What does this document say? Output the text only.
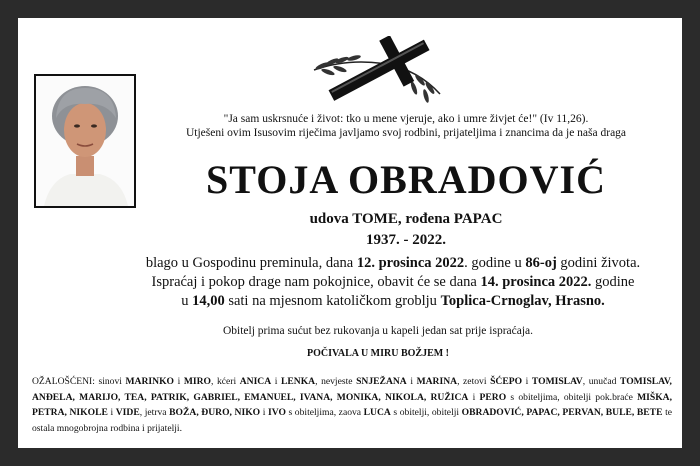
"Ja sam uskrsnuće i život: tko u mene vjeruje, ako i umre živjet će!" (Iv 11,26).
Utješeni ovim Isusovim riječima javljamo svoj rodbini, prijateljima i znancima da je naša draga
STOJA OBRADOVIĆ
udova TOME, rođena PAPAC
1937. - 2022.
blago u Gospodinu preminula, dana 12. prosinca 2022. godine u 86-oj godini života.
Ispraćaj i pokop drage nam pokojnice, obavit će se dana 14. prosinca 2022. godine
u 14,00 sati na mjesnom katoličkom groblju Toplica-Crnoglav, Hrasno.
Obitelj prima sućut bez rukovanja u kapeli jedan sat prije ispraćaja.
POČIVALA U MIRU BOŽJEM !
OŽALOŠĆENI: sinovi MARINKO i MIRO, kćeri ANICA i LENKA, nevjeste SNJEŽANA i MARINA, zetovi ŠĆEPO i TOMISLAV, unučad TOMISLAV, ANĐELA, MARIJO, TEA, PATRIK, GABRIEL, EMANUEL, IVANA, MONIKA, NIKOLA, RUŽICA i PERO s obiteljima, obitelji pok.braće MIŠKA, PETRA, NIKOLE i VIDE, jetrva BOŽA, ĐURO, NIKO i IVO s obiteljima, zaova LUCA s obitelji, obitelji OBRADOVIĆ, PAPAC, PERVAN, BULE, BETE te ostala mnogobrojna rodbina i prijatelji.
